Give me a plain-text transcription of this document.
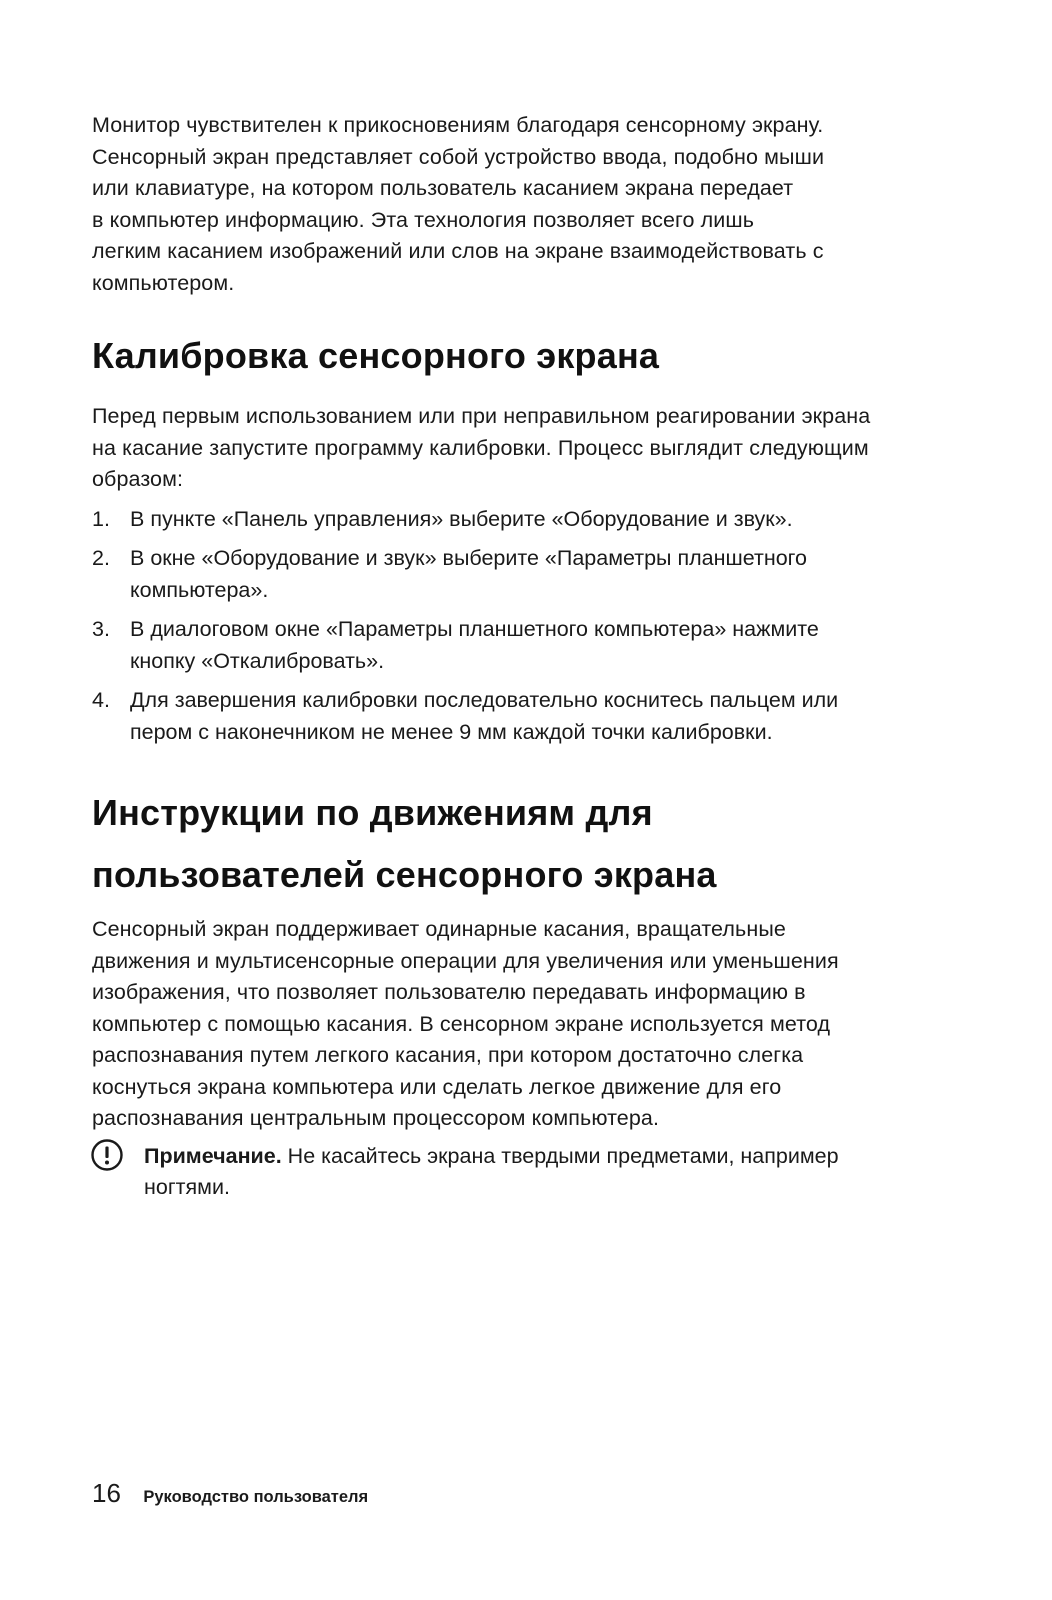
Монитор чувствителен к прикосновениям благодаря сенсорному экрану.
Сенсорный экран представляет собой устройство ввода, подобно мыши
или клавиатуре, на котором пользователь касанием экрана передает
в компьютер информацию. Эта технология позволяет всего лишь
легким касанием изображений или слов на экране взаимодействовать с
компьютером.

Калибровка сенсорного экрана

Перед первым использованием или при неправильном реагировании экрана
на касание запустите программу калибровки. Процесс выглядит следующим
образом:

1. В пункте «Панель управления» выберите «Оборудование и звук».
2. В окне «Оборудование и звук» выберите «Параметры планшетного
компьютера».
3. В диалоговом окне «Параметры планшетного компьютера» нажмите
кнопку «Откалибровать».
4. Для завершения калибровки последовательно коснитесь пальцем или
пером с наконечником не менее 9 мм каждой точки калибровки.
Инструкции по движениям для
пользователей сенсорного экрана

Сенсорный экран поддерживает одинарные касания, вращательные
движения и мультисенсорные операции для увеличения или уменьшения
изображения, что позволяет пользователю передавать информацию в
компьютер с помощью касания. В сенсорном экране используется метод
распознавания путем легкого касания, при котором достаточно слегка
коснуться экрана компьютера или сделать легкое движение для его
распознавания центральным процессором компьютера.

Примечание. Не касайтесь экрана твердыми предметами, например
ногтями.
16 Руководство пользователя
